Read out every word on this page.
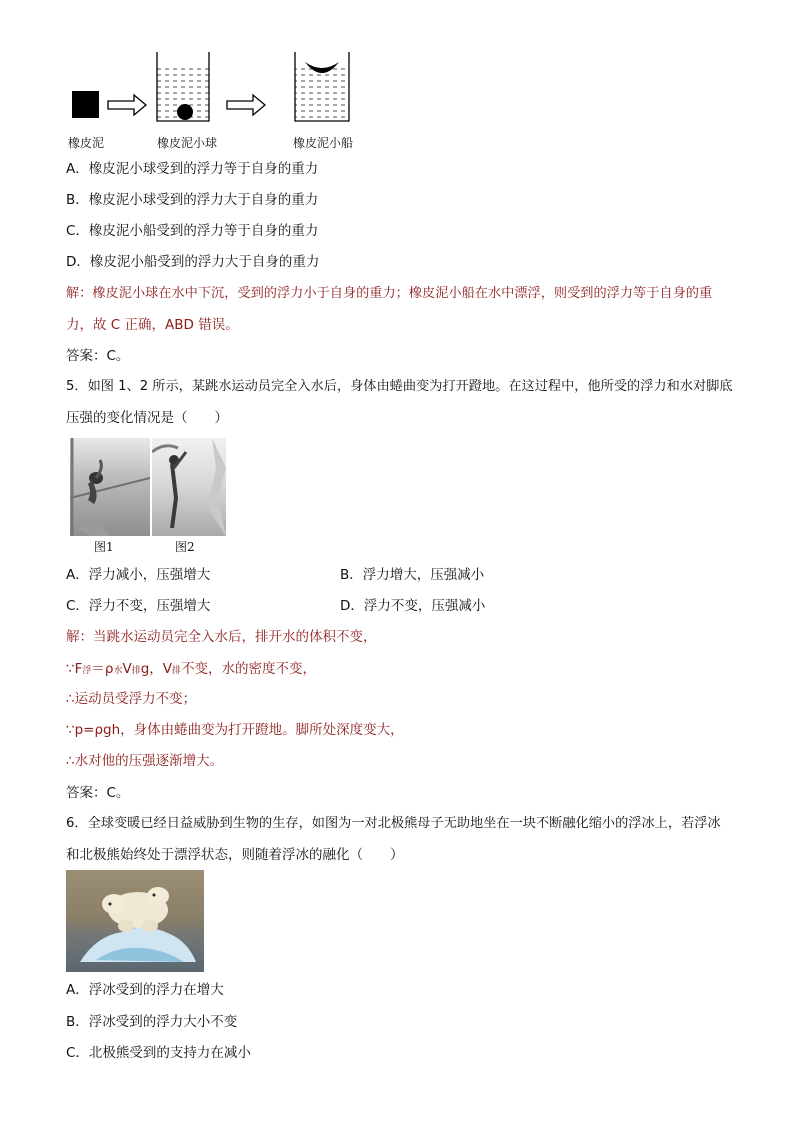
橡皮泥	橡皮泥小球	橡皮泥小船
A．橡皮泥小球受到的浮力等于自身的重力
B．橡皮泥小球受到的浮力大于自身的重力
C．橡皮泥小船受到的浮力等于自身的重力
D．橡皮泥小船受到的浮力大于自身的重力
解：橡皮泥小球在水中下沉，受到的浮力小于自身的重力；橡皮泥小船在水中漂浮，则受到的浮力等于自身的重
力，故 C 正确，ABD 错误。
答案：C。
5．如图 1、2 所示，某跳水运动员完全入水后，身体由蜷曲变为打开蹬地。在这过程中，他所受的浮力和水对脚底
压强的变化情况是（　　）
图1	图2
A．浮力减小，压强增大	B．浮力增大，压强减小
C．浮力不变，压强增大	D．浮力不变，压强减小
解：当跳水运动员完全入水后，排开水的体积不变，
∵F浮＝ρ水V排g，V排不变，水的密度不变，
∴运动员受浮力不变；
∵p=ρgh，身体由蜷曲变为打开蹬地。脚所处深度变大，
∴水对他的压强逐渐增大。
答案：C。
6．全球变暖已经日益威胁到生物的生存，如图为一对北极熊母子无助地坐在一块不断融化缩小的浮冰上，若浮冰
和北极熊始终处于漂浮状态，则随着浮冰的融化（　　）
A．浮冰受到的浮力在增大
B．浮冰受到的浮力大小不变
C．北极熊受到的支持力在减小
